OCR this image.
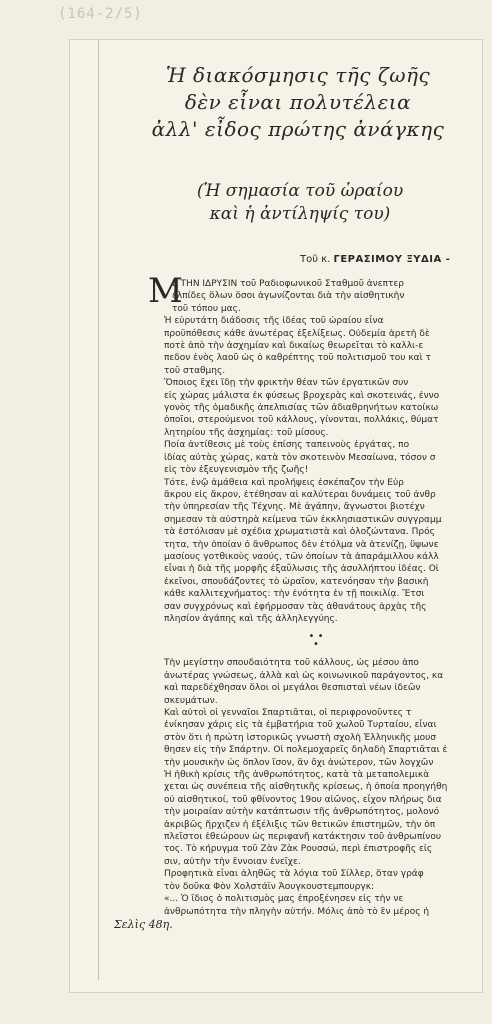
(164-2/5)
Ἡ διακόσμησις τῆς ζωῆς
δὲν εἶναι πολυτέλεια
ἀλλ' εἶδος πρώτης ἀνάγκης
(Ἡ σημασία τοῦ ὡραίου
καὶ ἡ ἀντίληψίς του)
Τοῦ κ. ΓΕΡΑΣΙΜΟΥ ΞΥΔΙΑ -
Μ

Ε ΤΗΝ ΙΔΡΥΣΙΝ τοῦ Ραδιοφωνικοῦ Σταθμοῦ ἀνεπτερ
ἐλπίδες ὅλων ὅσοι ἀγωνίζονται διὰ τὴν αἰσθητικὴν
τοῦ τόπου μας.

Ἡ εὐρυτάτη διάδοσις τῆς ἰδέας τοῦ ὡραίου εἶνα
προϋπόθεσις κάθε ἀνωτέρας ἐξελίξεως. Οὐδεμία ἀρετὴ δὲ
ποτὲ ἀπὸ τὴν ἀσχημίαν καὶ δικαίως θεωρεῖται τὸ καλλι-ε
πεδον ἑνὸς λαοῦ ὡς ὁ καθρέπτης τοῦ πολιτισμοῦ του καὶ τ
τοῦ σταθμης.

Ὅποιος ἔχει ἴδῃ τὴν φρικτὴν θέαν τῶν ἐργατικῶν συν
εἰς χώρας μάλιστα ἐκ φύσεως βροχερὰς καὶ σκοτεινάς, ἐννο
γονὸς τῆς ὁμαδικῆς ἀπελπισίας τῶν ἀδιαθρηνήτων κατοίκω
ὁποῖοι, στερούμενοι τοῦ κάλλους, γίνονται, πολλάκις, θύματ
λητηρίου τῆς ἀσχημίας: τοῦ μίσους.

Ποία ἀντίθεσις μὲ τοὺς ἐπίσης ταπεινοὺς ἐργάτας, πο
ἰδίας αὐτὰς χώρας, κατὰ τὸν σκοτεινὸν Μεσαίωνα, τόσον σ
εἰς τὸν ἐξευγενισμὸν τῆς ζωῆς!

Τότε, ἐνῷ ἀμάθεια καὶ προλήψεις ἐσκέπαζον τὴν Εὐρ
ἄκρου εἰς ἄκρον, ἐτέθησαν αἱ καλύτεραι δυνάμεις τοῦ ἀνθρ
τὴν ὑπηρεσίαν τῆς Τέχνης. Μὲ ἀγάπην, ἄγνωστοι βιοτέχν
σημεσαν τὰ αὐστηρὰ κείμενα τῶν ἐκκλησιαστικῶν συγγραμμ
τὰ ἐστόλισαν μὲ σχέδια χρωματιστὰ καὶ ὁλοζώντανα. Πρός
τητα, τὴν ὁποίαν ὁ ἄνθρωπος δὲν ἐτόλμα νὰ ἀτενίζῃ, ὕψωνε
μασίους γοτθικοὺς ναούς, τῶν ὁποίων τὰ ἀπαράμιλλου κάλλ
εἶναι ἡ διὰ τῆς μορφῆς ἐξαΰλωσις τῆς ἀσυλλήπτου ἰδέας. Οἱ
ἐκεῖνοι, σπουδάζοντες τὸ ὡραῖον, κατενόησαν τὴν βασικὴ
κάθε καλλιτεχνήματος: τὴν ἑνότητα ἐν τῇ ποικιλίᾳ. Ἔτσι
σαν συγχρόνως καὶ ἐφήρμοσαν τὰς ἀθανάτους ἀρχὰς τῆς
πλησίον ἀγάπης καὶ τῆς ἀλληλεγγύης.

• •
•

Τὴν μεγίστην σπουδαιότητα τοῦ κάλλους, ὡς μέσου ἀπο
ἀνωτέρας γνώσεως, ἀλλὰ καὶ ὡς κοινωνικοῦ παράγοντος, κα
καὶ παρεδέχθησαν ὅλοι οἱ μεγάλοι θεσπισταὶ νέων ἰδεῶν
σκευμάτων.

Καὶ αὐτοὶ οἱ γενναῖοι Σπαρτιᾶται, οἱ περιφρονοῦντες τ
ἐνίκησαν χάρις εἰς τὰ ἐμβατήρια τοῦ χωλοῦ Τυρταίου, εἶναι
στὸν ὅτι ἡ πρώτη ἱστορικῶς γνωστὴ σχολὴ Ἑλληνικῆς μουσ
θησεν εἰς τὴν Σπάρτην. Οἱ πολεμοχαρεῖς δηλαδὴ Σπαρτιᾶται ἐ
τὴν μουσικὴν ὡς ὅπλον ἴσον, ἂν ὄχι ἀνώτερον, τῶν λογχῶν

Ἡ ἠθικὴ κρίσις τῆς ἀνθρωπότητος, κατὰ τὰ μεταπολεμικὰ
χεται ὡς συνέπεια τῆς αἰσθητικῆς κρίσεως, ἡ ὁποία προηγήθη
οὐ αἰσθητικοί, τοῦ φθίνοντος 19ου αἰῶνος, εἶχον πλήρως δια
τὴν μοιραίαν αὐτὴν κατάπτωσιν τῆς ἀνθρωπότητος, μολονό
ἀκριβῶς ἤρχιζεν ἡ ἐξέλιξις τῶν θετικῶν ἐπιστημῶν, τὴν ὁπ
πλεῖστοι ἐθεώρουν ὡς περιφανῆ κατάκτησιν τοῦ ἀνθρωπίνου
τος. Τὸ κήρυγμα τοῦ Ζὰν Ζὰκ Ρουσσώ, περὶ ἐπιστροφῆς εἰς
σιν, αὐτὴν τὴν ἔννοιαν ἐνεῖχε.

Προφητικὰ εἶναι ἀληθῶς τὰ λόγια τοῦ Σίλλερ, ὅταν γράφ
τὸν δοῦκα Φὸν Χολστάϊν Ἀουγκουστεμπουργκ:

«... Ὁ ἴδιος ὁ πολιτισμὸς μας ἐπροξένησεν εἰς τὴν νε
ἀνθρωπότητα τὴν πληγὴν αὐτήν. Μόλις ἀπὸ τὸ ἓν μέρος ἡ

Σελὶς 48η.
